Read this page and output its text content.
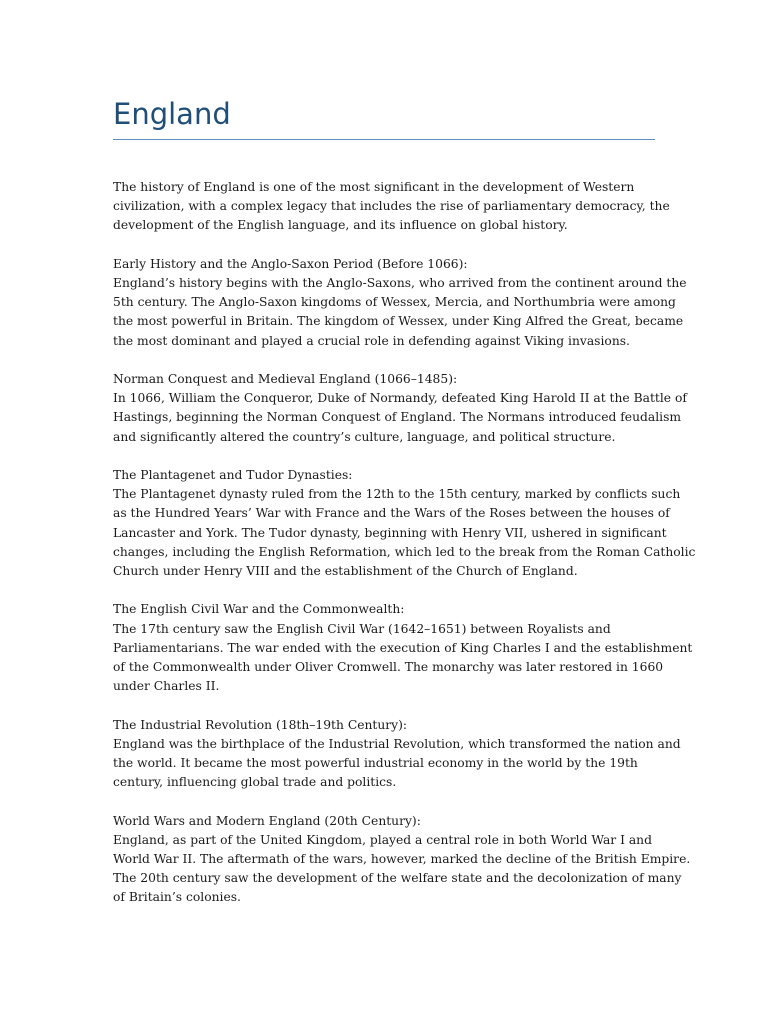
England

The history of England is one of the most significant in the development of Western
civilization, with a complex legacy that includes the rise of parliamentary democracy, the
development of the English language, and its influence on global history.

Early History and the Anglo-Saxon Period (Before 1066):
England’s history begins with the Anglo-Saxons, who arrived from the continent around the
5th century. The Anglo-Saxon kingdoms of Wessex, Mercia, and Northumbria were among
the most powerful in Britain. The kingdom of Wessex, under King Alfred the Great, became
the most dominant and played a crucial role in defending against Viking invasions.

Norman Conquest and Medieval England (1066–1485):
In 1066, William the Conqueror, Duke of Normandy, defeated King Harold II at the Battle of
Hastings, beginning the Norman Conquest of England. The Normans introduced feudalism
and significantly altered the country’s culture, language, and political structure.

The Plantagenet and Tudor Dynasties:
The Plantagenet dynasty ruled from the 12th to the 15th century, marked by conflicts such
as the Hundred Years’ War with France and the Wars of the Roses between the houses of
Lancaster and York. The Tudor dynasty, beginning with Henry VII, ushered in significant
changes, including the English Reformation, which led to the break from the Roman Catholic
Church under Henry VIII and the establishment of the Church of England.

The English Civil War and the Commonwealth:
The 17th century saw the English Civil War (1642–1651) between Royalists and
Parliamentarians. The war ended with the execution of King Charles I and the establishment
of the Commonwealth under Oliver Cromwell. The monarchy was later restored in 1660
under Charles II.

The Industrial Revolution (18th–19th Century):
England was the birthplace of the Industrial Revolution, which transformed the nation and
the world. It became the most powerful industrial economy in the world by the 19th
century, influencing global trade and politics.

World Wars and Modern England (20th Century):
England, as part of the United Kingdom, played a central role in both World War I and
World War II. The aftermath of the wars, however, marked the decline of the British Empire.
The 20th century saw the development of the welfare state and the decolonization of many
of Britain’s colonies.
